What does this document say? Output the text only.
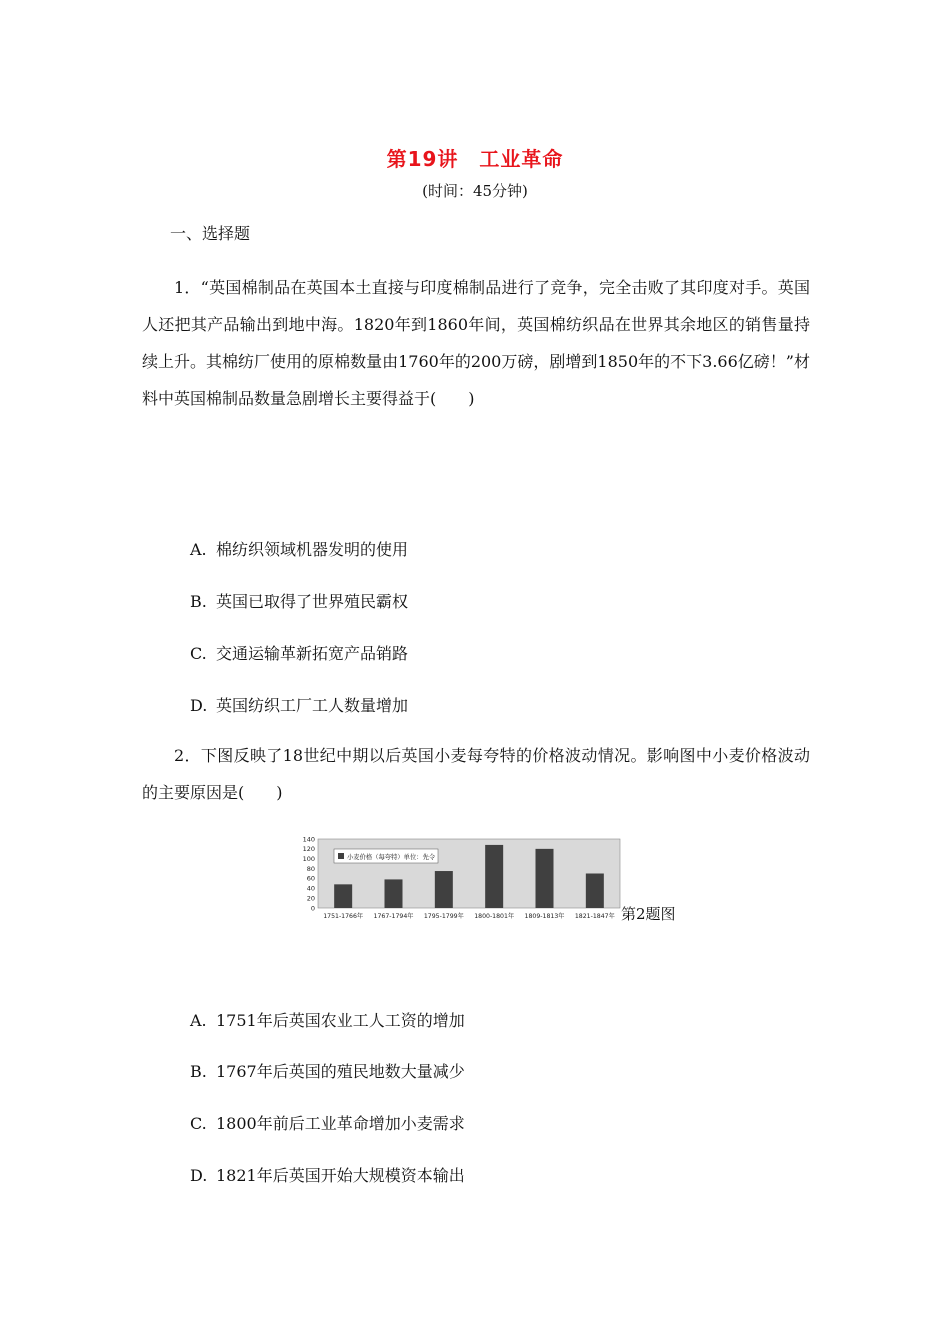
第19讲　工业革命
(时间：45分钟)
一、选择题
1．“英国棉制品在英国本土直接与印度棉制品进行了竞争，完全击败了其印度对手。英国人还把其产品输出到地中海。1820年到1860年间，英国棉纺织品在世界其余地区的销售量持续上升。其棉纺厂使用的原棉数量由1760年的200万磅，剧增到1850年的不下3.66亿磅！”材料中英国棉制品数量急剧增长主要得益于(　　)
A. 棉纺织领域机器发明的使用
B. 英国已取得了世界殖民霸权
C. 交通运输革新拓宽产品销路
D. 英国纺织工厂工人数量增加
2．下图反映了18世纪中期以后英国小麦每夸特的价格波动情况。影响图中小麦价格波动的主要原因是(　　)
0
20
40
60
80
100
120
140
1751-1766年 1767-1794年 1795-1799年 1800-1801年 1809-1813年 1821-1847年
小麦价格（每夸特）单位：先令
第2题图
A. 1751年后英国农业工人工资的增加
B. 1767年后英国的殖民地数大量减少
C. 1800年前后工业革命增加小麦需求
D. 1821年后英国开始大规模资本输出
